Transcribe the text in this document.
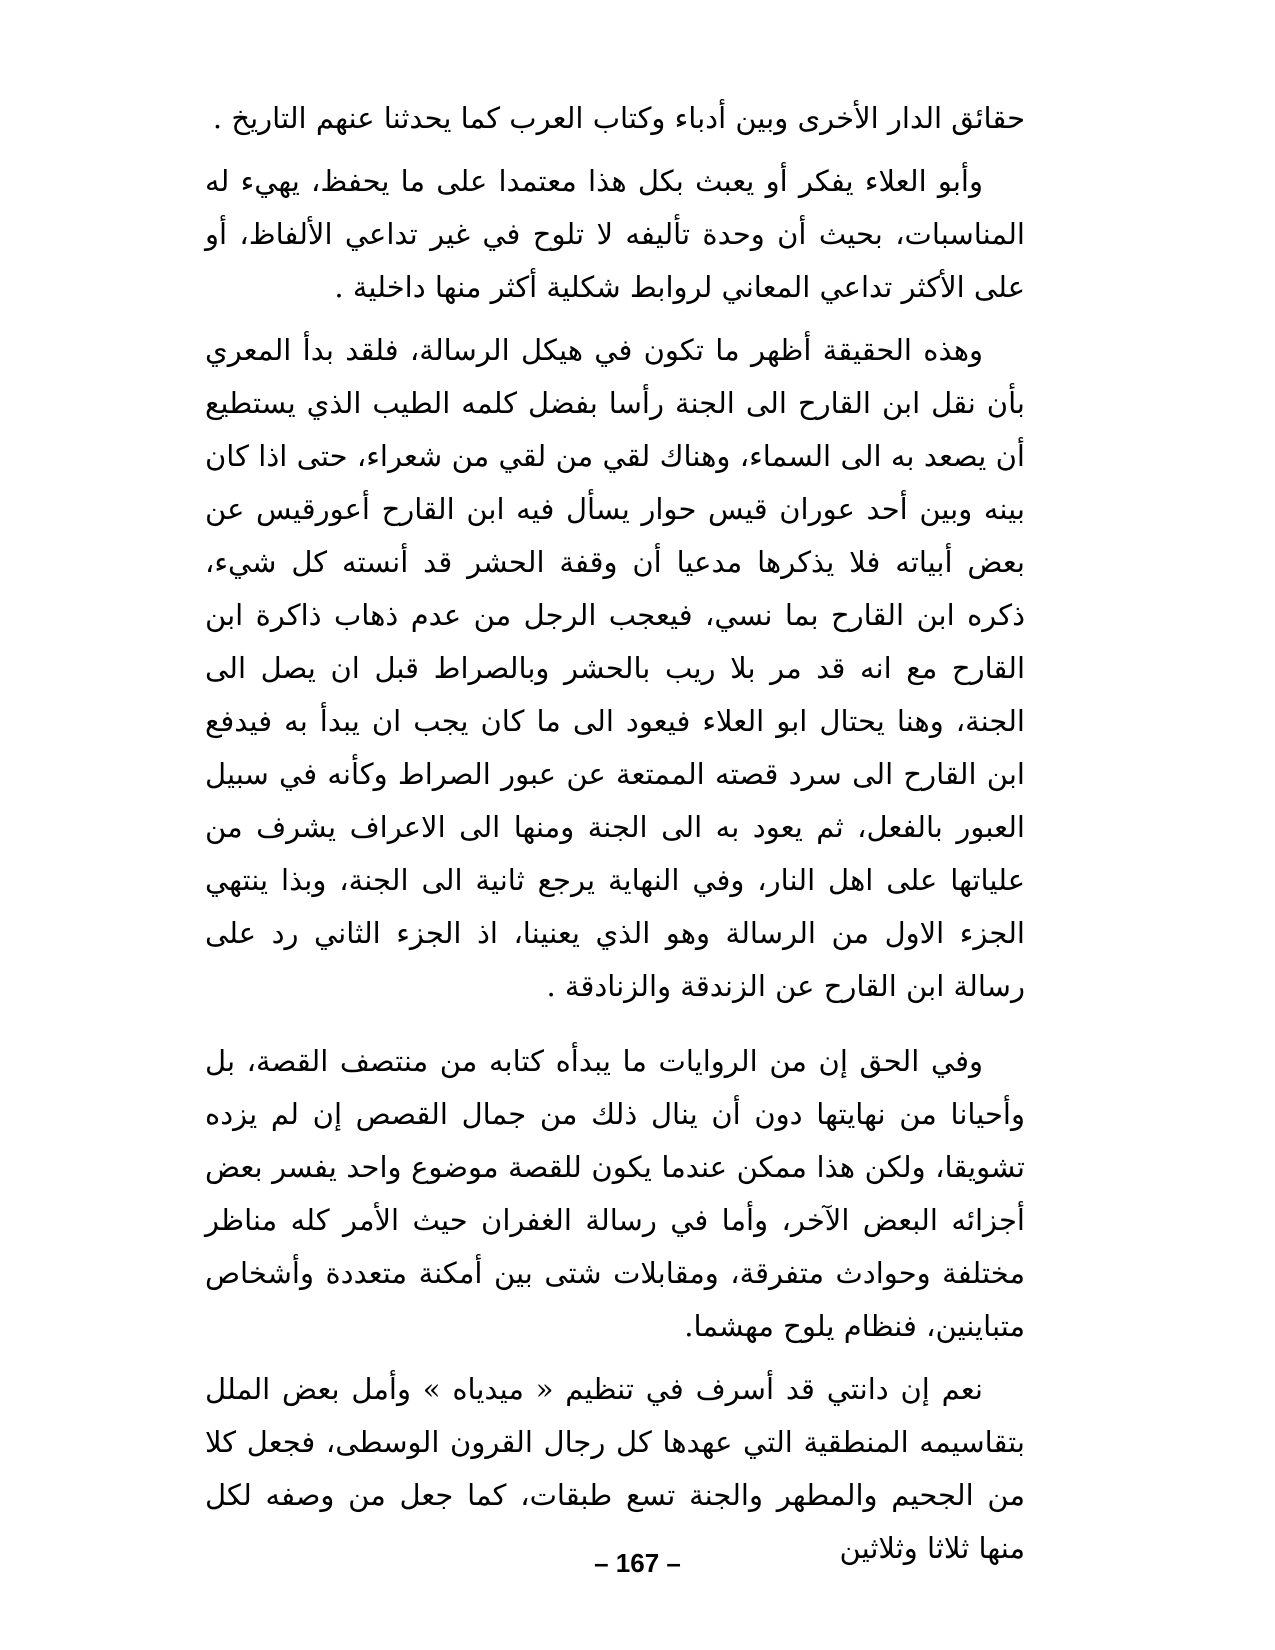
حقائق الدار الأخرى وبين أدباء وكتاب العرب كما يحدثنا عنهم التاريخ .

وأبو العلاء يفكر أو يعبث بكل هذا معتمدا على ما يحفظ، يهيء له المناسبات، بحيث أن وحدة تأليفه لا تلوح في غير تداعي الألفاظ، أو على الأكثر تداعي المعاني لروابط شكلية أكثر منها داخلية .

وهذه الحقيقة أظهر ما تكون في هيكل الرسالة، فلقد بدأ المعري بأن نقل ابن القارح الى الجنة رأسا بفضل كلمه الطيب الذي يستطيع أن يصعد به الى السماء، وهناك لقي من لقي من شعراء، حتى اذا كان بينه وبين أحد عوران قيس حوار يسأل فيه ابن القارح أعورقيس عن بعض أبياته فلا يذكرها مدعيا أن وقفة الحشر قد أنسته كل شيء، ذكره ابن القارح بما نسي، فيعجب الرجل من عدم ذهاب ذاكرة ابن القارح مع انه قد مر بلا ريب بالحشر وبالصراط قبل ان يصل الى الجنة، وهنا يحتال ابو العلاء فيعود الى ما كان يجب ان يبدأ به فيدفع ابن القارح الى سرد قصته الممتعة عن عبور الصراط وكأنه في سبيل العبور بالفعل، ثم يعود به الى الجنة ومنها الى الاعراف يشرف من علياتها على اهل النار، وفي النهاية يرجع ثانية الى الجنة، وبذا ينتهي الجزء الاول من الرسالة وهو الذي يعنينا، اذ الجزء الثاني رد على رسالة ابن القارح عن الزندقة والزنادقة .

وفي الحق إن من الروايات ما يبدأه كتابه من منتصف القصة، بل وأحيانا من نهايتها دون أن ينال ذلك من جمال القصص إن لم يزده تشويقا، ولكن هذا ممكن عندما يكون للقصة موضوع واحد يفسر بعض أجزائه البعض الآخر، وأما في رسالة الغفران حيث الأمر كله مناظر مختلفة وحوادث متفرقة، ومقابلات شتى بين أمكنة متعددة وأشخاص متباينين، فنظام يلوح مهشما.

نعم إن دانتي قد أسرف في تنظيم « ميدياه » وأمل بعض الملل بتقاسيمه المنطقية التي عهدها كل رجال القرون الوسطى، فجعل كلا من الجحيم والمطهر والجنة تسع طبقات، كما جعل من وصفه لكل منها ثلاثا وثلاثين

– 167 –
